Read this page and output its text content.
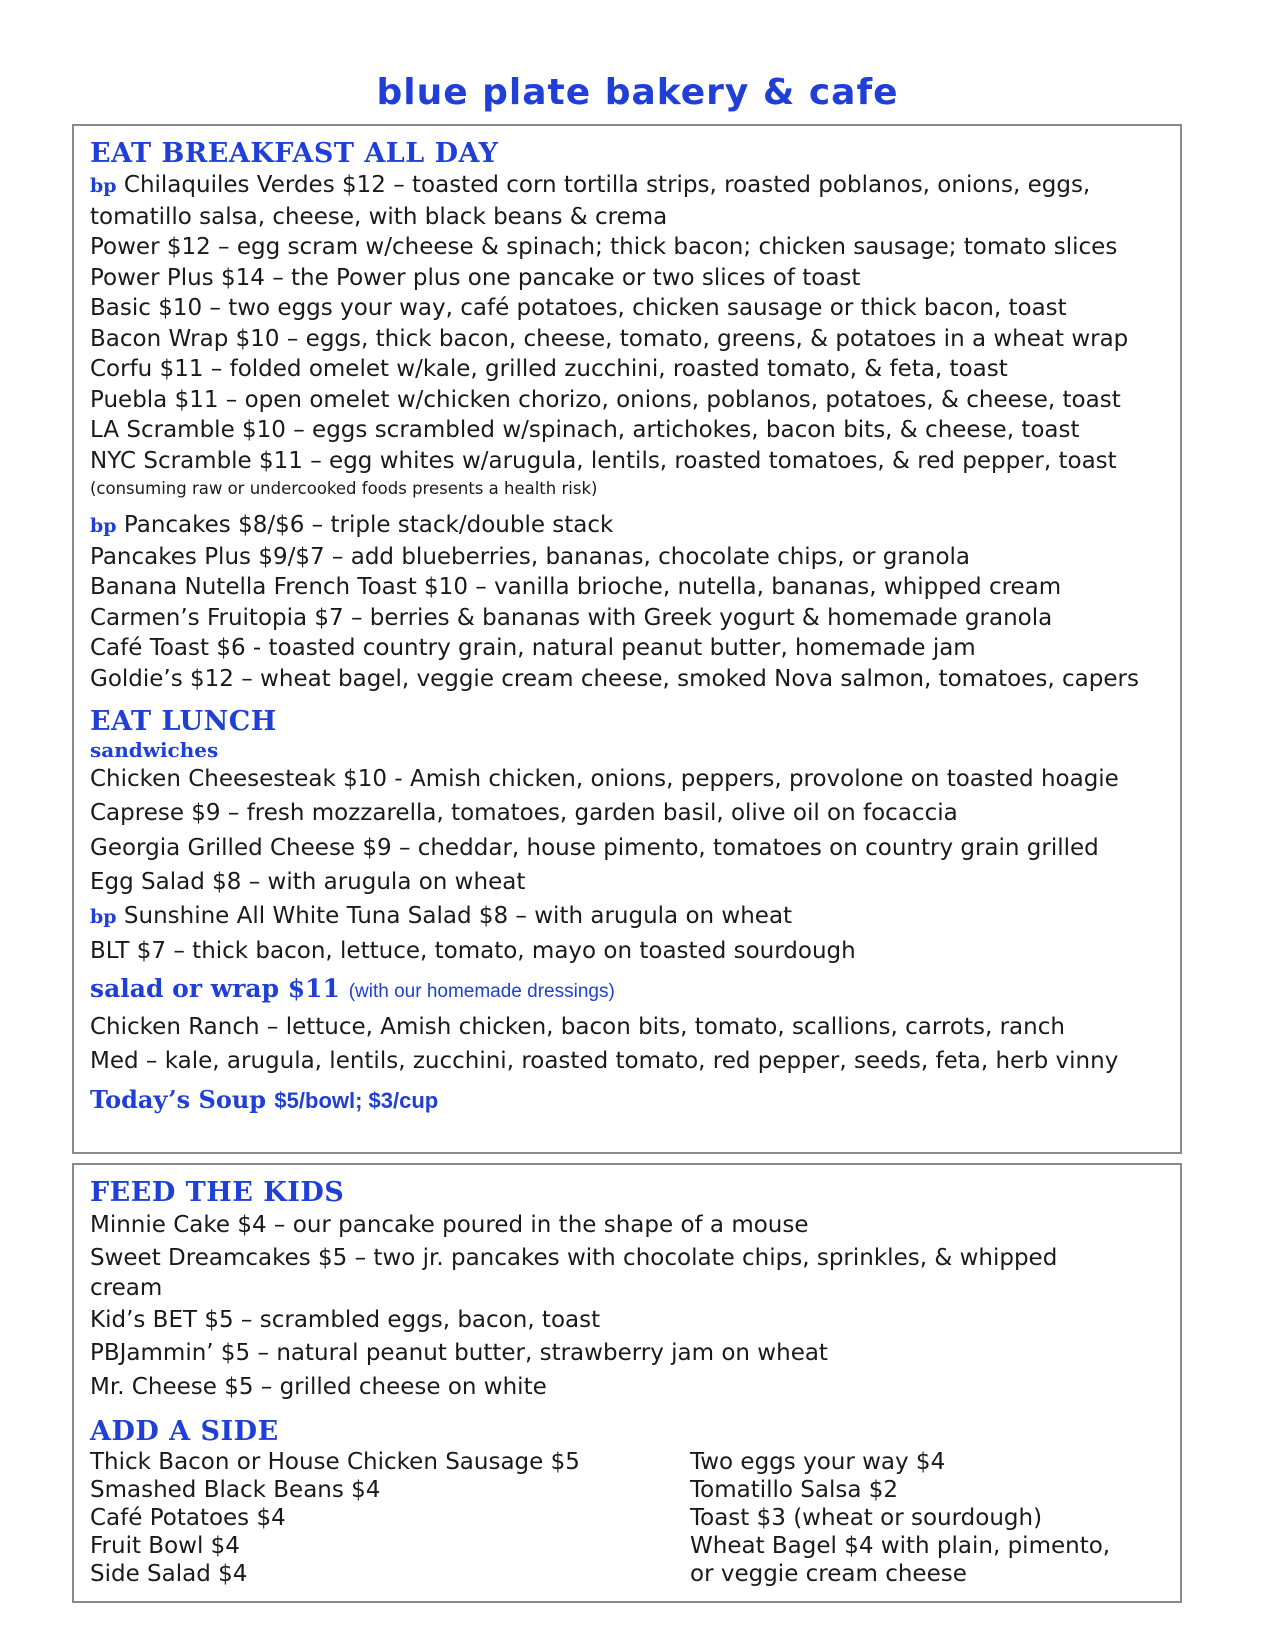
blue plate bakery & cafe
EAT BREAKFAST ALL DAY
bp Chilaquiles Verdes $12 – toasted corn tortilla strips, roasted poblanos, onions, eggs, tomatillo salsa, cheese, with black beans & crema
Power $12 – egg scram w/cheese & spinach; thick bacon; chicken sausage; tomato slices
Power Plus $14 – the Power plus one pancake or two slices of toast
Basic $10 – two eggs your way, café potatoes, chicken sausage or thick bacon, toast
Bacon Wrap $10 – eggs, thick bacon, cheese, tomato, greens, & potatoes in a wheat wrap
Corfu $11 – folded omelet w/kale, grilled zucchini, roasted tomato, & feta, toast
Puebla $11 – open omelet w/chicken chorizo, onions, poblanos, potatoes, & cheese, toast
LA Scramble $10 – eggs scrambled w/spinach, artichokes, bacon bits, & cheese, toast
NYC Scramble $11 – egg whites w/arugula, lentils, roasted tomatoes, & red pepper, toast
(consuming raw or undercooked foods presents a health risk)
bp Pancakes $8/$6 – triple stack/double stack
Pancakes Plus $9/$7 – add blueberries, bananas, chocolate chips, or granola
Banana Nutella French Toast $10 – vanilla brioche, nutella, bananas, whipped cream
Carmen’s Fruitopia $7 – berries & bananas with Greek yogurt & homemade granola
Café Toast $6 - toasted country grain, natural peanut butter, homemade jam
Goldie’s $12 – wheat bagel, veggie cream cheese, smoked Nova salmon, tomatoes, capers
EAT LUNCH
sandwiches
Chicken Cheesesteak $10 - Amish chicken, onions, peppers, provolone on toasted hoagie
Caprese $9 – fresh mozzarella, tomatoes, garden basil, olive oil on focaccia
Georgia Grilled Cheese $9 – cheddar, house pimento, tomatoes on country grain grilled
Egg Salad $8 – with arugula on wheat
bp Sunshine All White Tuna Salad $8 – with arugula on wheat
BLT $7 – thick bacon, lettuce, tomato, mayo on toasted sourdough
salad or wrap $11 (with our homemade dressings)
Chicken Ranch – lettuce, Amish chicken, bacon bits, tomato, scallions, carrots, ranch
Med – kale, arugula, lentils, zucchini, roasted tomato, red pepper, seeds, feta, herb vinny
Today’s Soup $5/bowl; $3/cup
FEED THE KIDS
Minnie Cake $4 – our pancake poured in the shape of a mouse
Sweet Dreamcakes $5 – two jr. pancakes with chocolate chips, sprinkles, & whipped cream
Kid’s BET $5 – scrambled eggs, bacon, toast
PBJammin’ $5 – natural peanut butter, strawberry jam on wheat
Mr. Cheese $5 – grilled cheese on white
ADD A SIDE
Thick Bacon or House Chicken Sausage $5
Smashed Black Beans $4
Café Potatoes $4
Fruit Bowl $4
Side Salad $4
Two eggs your way $4
Tomatillo Salsa $2
Toast $3 (wheat or sourdough)
Wheat Bagel $4 with plain, pimento,
or veggie cream cheese
